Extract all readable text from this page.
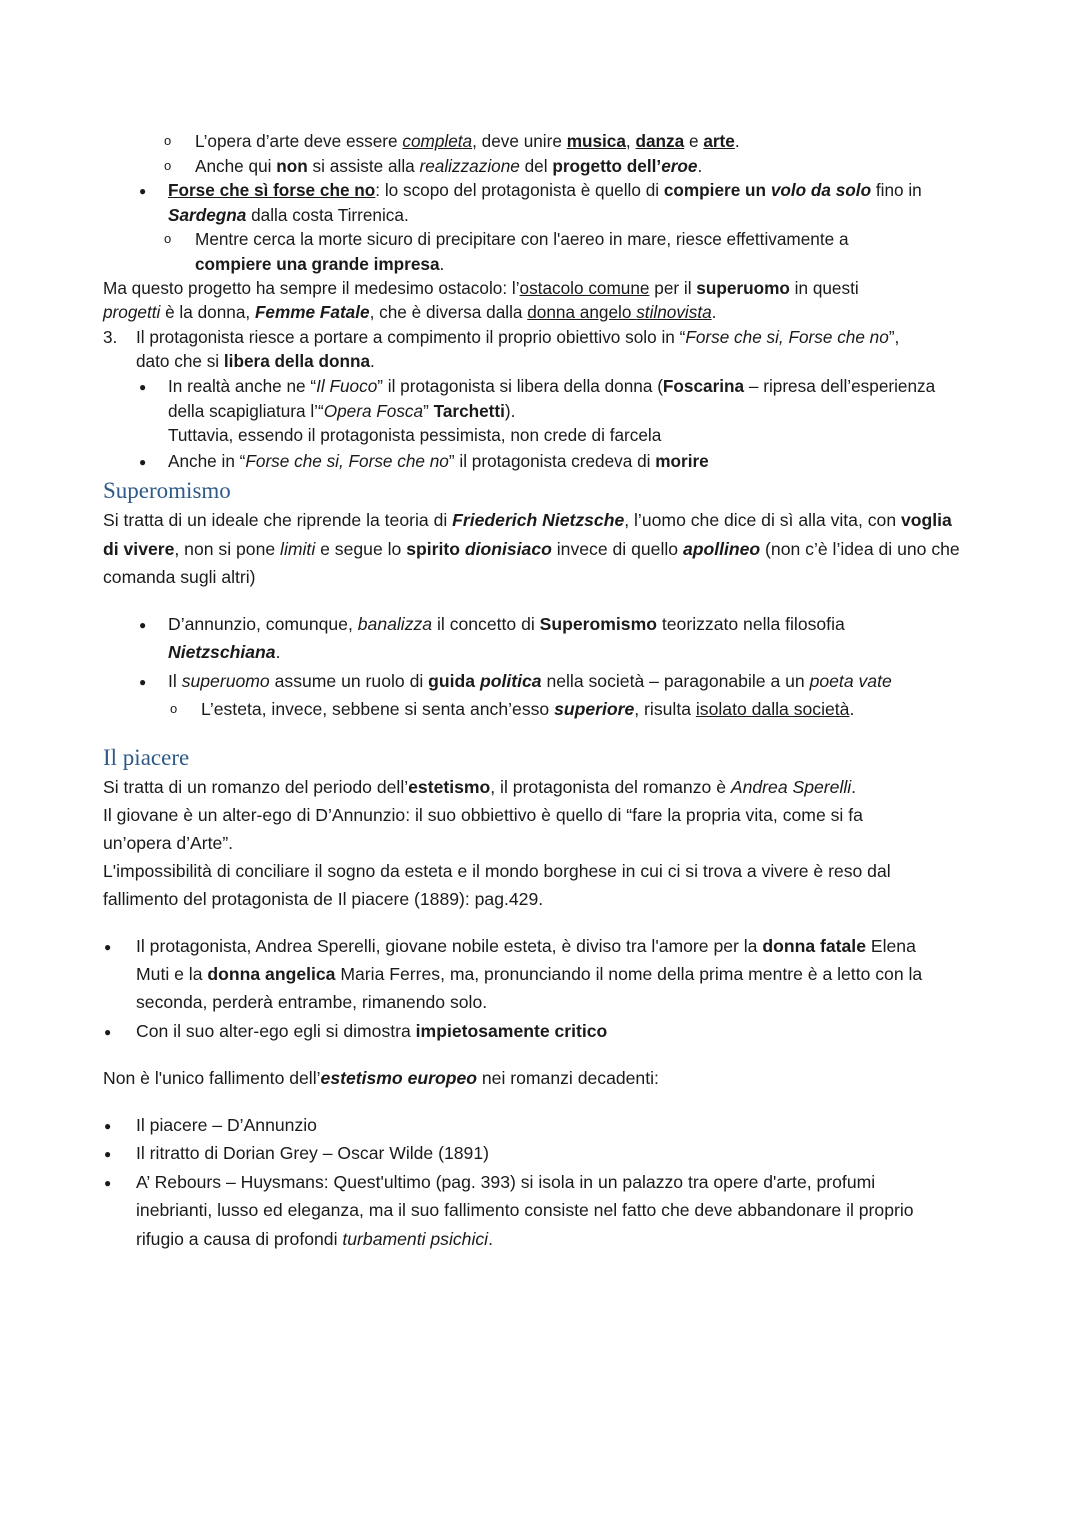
o L’opera d’arte deve essere completa, deve unire musica, danza e arte.
o Anche qui non si assiste alla realizzazione del progetto dell’eroe.
● Forse che sì forse che no: lo scopo del protagonista è quello di compiere un volo da solo fino in
Sardegna dalla costa Tirrenica.
o Mentre cerca la morte sicuro di precipitare con l'aereo in mare, riesce effettivamente a
compiere una grande impresa.
Ma questo progetto ha sempre il medesimo ostacolo: l’ostacolo comune per il superuomo in questi
progetti è la donna, Femme Fatale, che è diversa dalla donna angelo stilnovista.
3. Il protagonista riesce a portare a compimento il proprio obiettivo solo in “Forse che si, Forse che no”,
dato che si libera della donna.
● In realtà anche ne “Il Fuoco” il protagonista si libera della donna (Foscarina – ripresa dell’esperienza
della scapigliatura l’“Opera Fosca” Tarchetti).
Tuttavia, essendo il protagonista pessimista, non crede di farcela
● Anche in “Forse che si, Forse che no” il protagonista credeva di morire
Superomismo
Si tratta di un ideale che riprende la teoria di Friederich Nietzsche, l’uomo che dice di sì alla vita, con voglia
di vivere, non si pone limiti e segue lo spirito dionisiaco invece di quello apollineo (non c’è l’idea di uno che
comanda sugli altri)
● D’annunzio, comunque, banalizza il concetto di Superomismo teorizzato nella filosofia
Nietzschiana.
● Il superuomo assume un ruolo di guida politica nella società – paragonabile a un poeta vate
o L’esteta, invece, sebbene si senta anch’esso superiore, risulta isolato dalla società.
Il piacere
Si tratta di un romanzo del periodo dell’estetismo, il protagonista del romanzo è Andrea Sperelli.
Il giovane è un alter-ego di D’Annunzio: il suo obbiettivo è quello di “fare la propria vita, come si fa
un’opera d’Arte”.
L'impossibilità di conciliare il sogno da esteta e il mondo borghese in cui ci si trova a vivere è reso dal
fallimento del protagonista de Il piacere (1889): pag.429.
● Il protagonista, Andrea Sperelli, giovane nobile esteta, è diviso tra l'amore per la donna fatale Elena
Muti e la donna angelica Maria Ferres, ma, pronunciando il nome della prima mentre è a letto con la
seconda, perderà entrambe, rimanendo solo.
● Con il suo alter-ego egli si dimostra impietosamente critico
Non è l'unico fallimento dell’estetismo europeo nei romanzi decadenti:
● Il piacere – D’Annunzio
● Il ritratto di Dorian Grey – Oscar Wilde (1891)
● A’ Rebours – Huysmans: Quest'ultimo (pag. 393) si isola in un palazzo tra opere d'arte, profumi
inebrianti, lusso ed eleganza, ma il suo fallimento consiste nel fatto che deve abbandonare il proprio
rifugio a causa di profondi turbamenti psichici.
